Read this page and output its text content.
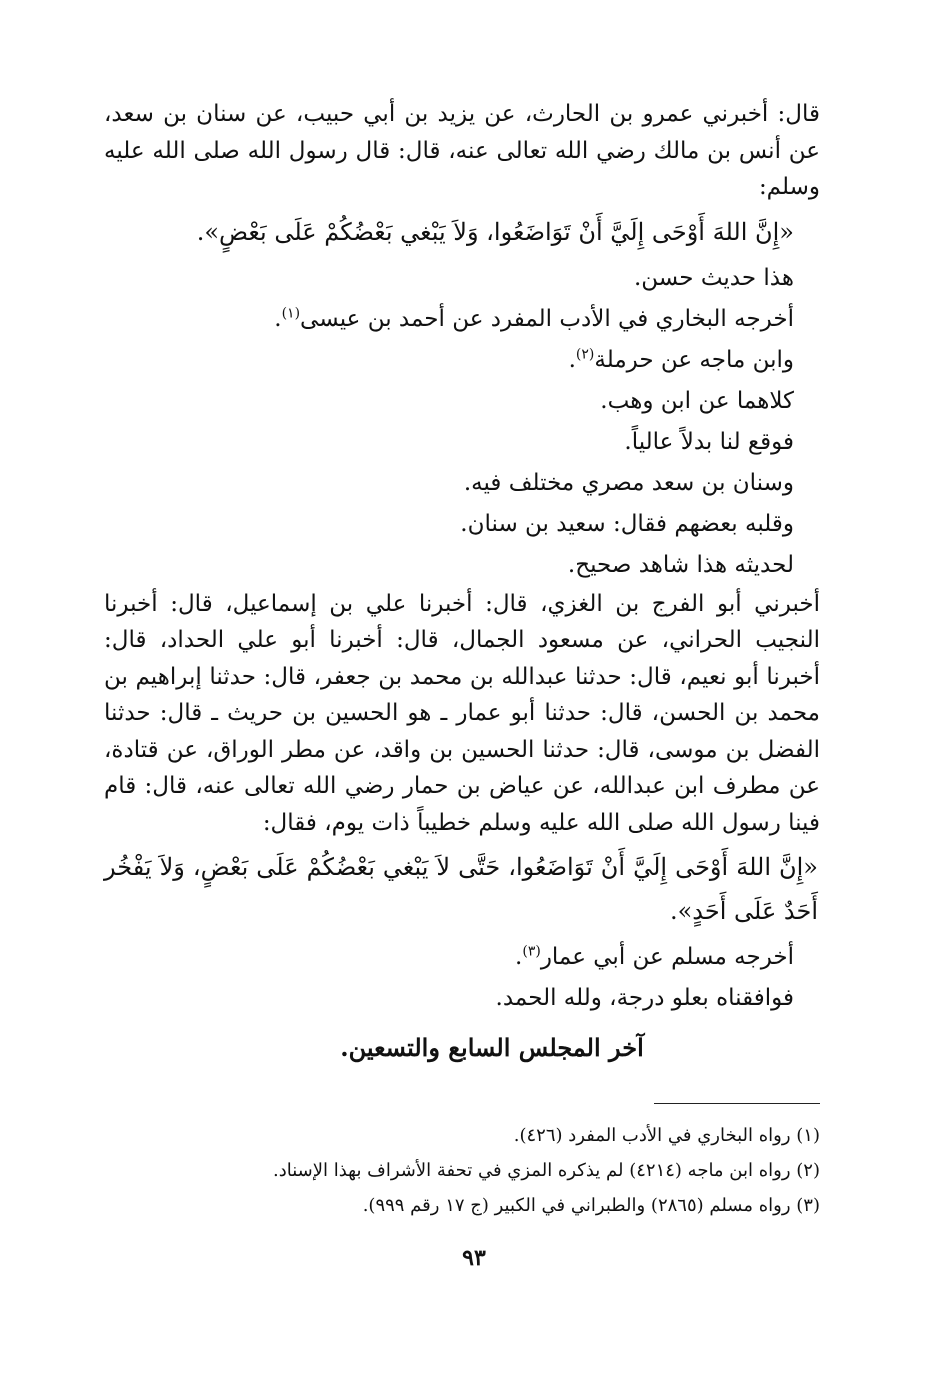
قال: أخبرني عمرو بن الحارث، عن يزيد بن أبي حبيب، عن سنان بن سعد، عن أنس بن مالك رضي الله تعالى عنه، قال: قال رسول الله صلى الله عليه وسلم:

«إِنَّ اللهَ أَوْحَى إِلَيَّ أَنْ تَوَاضَعُوا، وَلاَ يَبْغي بَعْضُكُمْ عَلَى بَعْضٍ».

هذا حديث حسن.

أخرجه البخاري في الأدب المفرد عن أحمد بن عيسى$^{(١)}$.

وابن ماجه عن حرملة$^{(٢)}$.

كلاهما عن ابن وهب.

فوقع لنا بدلاً عالياً.

وسنان بن سعد مصري مختلف فيه.

وقلبه بعضهم فقال: سعيد بن سنان.

لحديثه هذا شاهد صحيح.

أخبرني أبو الفرج بن الغزي، قال: أخبرنا علي بن إسماعيل، قال: أخبرنا النجيب الحراني، عن مسعود الجمال، قال: أخبرنا أبو علي الحداد، قال: أخبرنا أبو نعيم، قال: حدثنا عبدالله بن محمد بن جعفر، قال: حدثنا إبراهيم بن محمد بن الحسن، قال: حدثنا أبو عمار ـ هو الحسين بن حريث ـ قال: حدثنا الفضل بن موسى، قال: حدثنا الحسين بن واقد، عن مطر الوراق، عن قتادة، عن مطرف ابن عبدالله، عن عياض بن حمار رضي الله تعالى عنه، قال: قام فينا رسول الله صلى الله عليه وسلم خطيباً ذات يوم، فقال:

«إِنَّ اللهَ أَوْحَى إِلَيَّ أَنْ تَوَاضَعُوا، حَتَّى لاَ يَبْغي بَعْضُكُمْ عَلَى بَعْضٍ، وَلاَ يَفْخُر أَحَدٌ عَلَى أَحَدٍ».

أخرجه مسلم عن أبي عمار$^{(٣)}$.

فوافقناه بعلو درجة، ولله الحمد.

آخر المجلس السابع والتسعين.

(١) رواه البخاري في الأدب المفرد (٤٢٦).
(٢) رواه ابن ماجه (٤٢١٤) لم يذكره المزي في تحفة الأشراف بهذا الإسناد.
(٣) رواه مسلم (٢٨٦٥) والطبراني في الكبير (ج ١٧ رقم ٩٩٩).
٩٣
